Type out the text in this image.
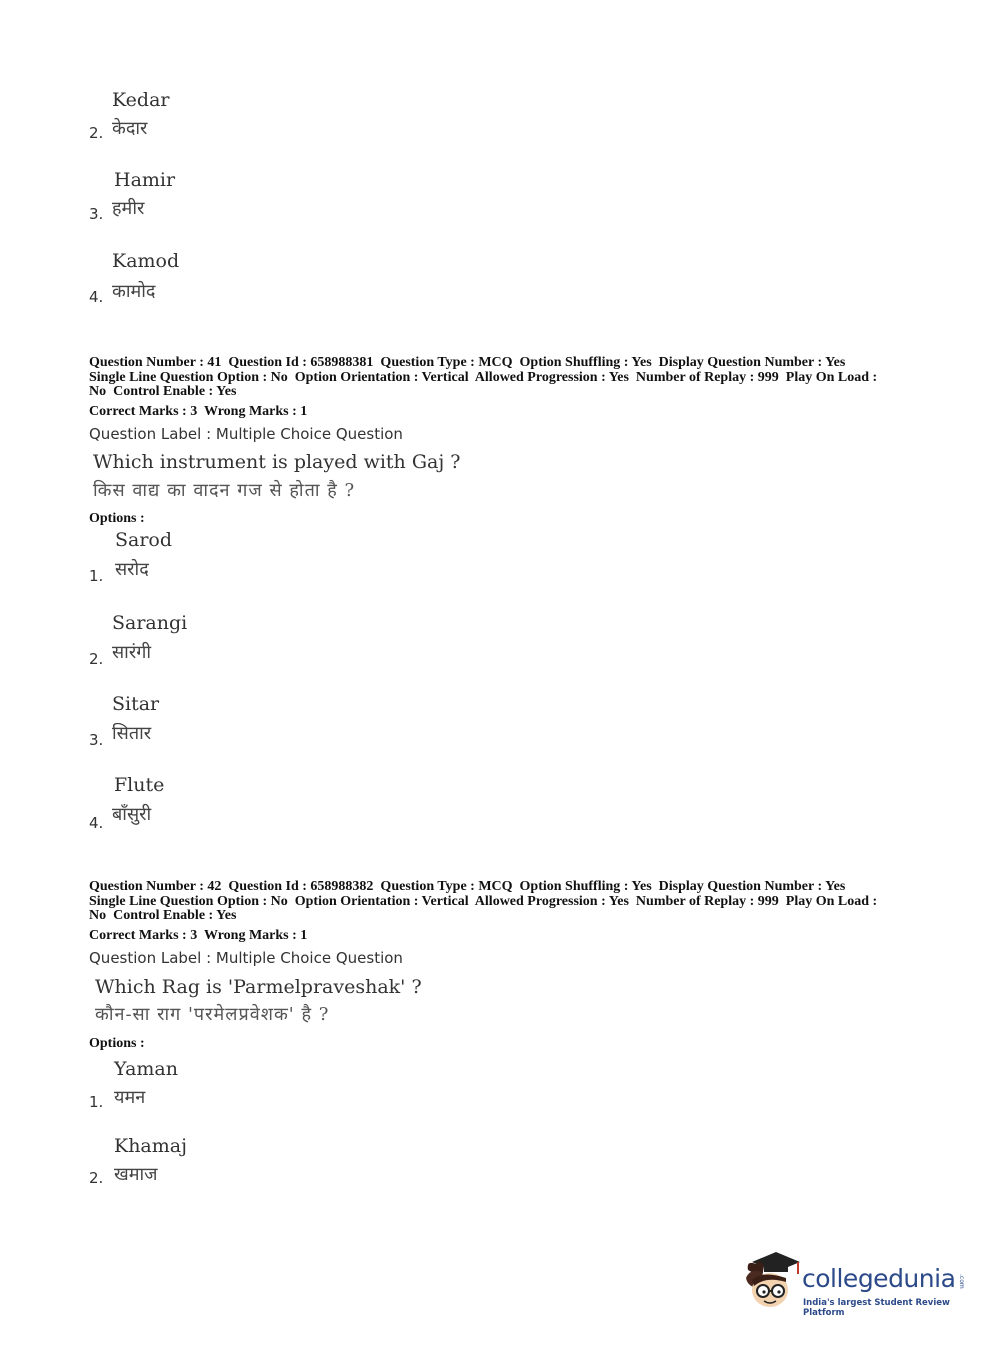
Kedar
2. केदार
Hamir
3. हमीर
Kamod
4. कामोद
Question Number : 41  Question Id : 658988381  Question Type : MCQ  Option Shuffling : Yes  Display Question Number : Yes
Single Line Question Option : No  Option Orientation : Vertical  Allowed Progression : Yes  Number of Replay : 999  Play On Load :
No  Control Enable : Yes
Correct Marks : 3  Wrong Marks : 1
Question Label : Multiple Choice Question
Which instrument is played with Gaj ?
किस वाद्य का वादन गज से होता है ?
Options :
Sarod
1. सरोद
Sarangi
2. सारंगी
Sitar
3. सितार
Flute
4. बाँसुरी
Question Number : 42  Question Id : 658988382  Question Type : MCQ  Option Shuffling : Yes  Display Question Number : Yes
Single Line Question Option : No  Option Orientation : Vertical  Allowed Progression : Yes  Number of Replay : 999  Play On Load :
No  Control Enable : Yes
Correct Marks : 3  Wrong Marks : 1
Question Label : Multiple Choice Question
Which Rag is 'Parmelpraveshak' ?
कौन-सा राग 'परमेलप्रवेशक' है ?
Options :
Yaman
1. यमन
Khamaj
2. खमाज
collegedunia .com
India's largest Student Review Platform
